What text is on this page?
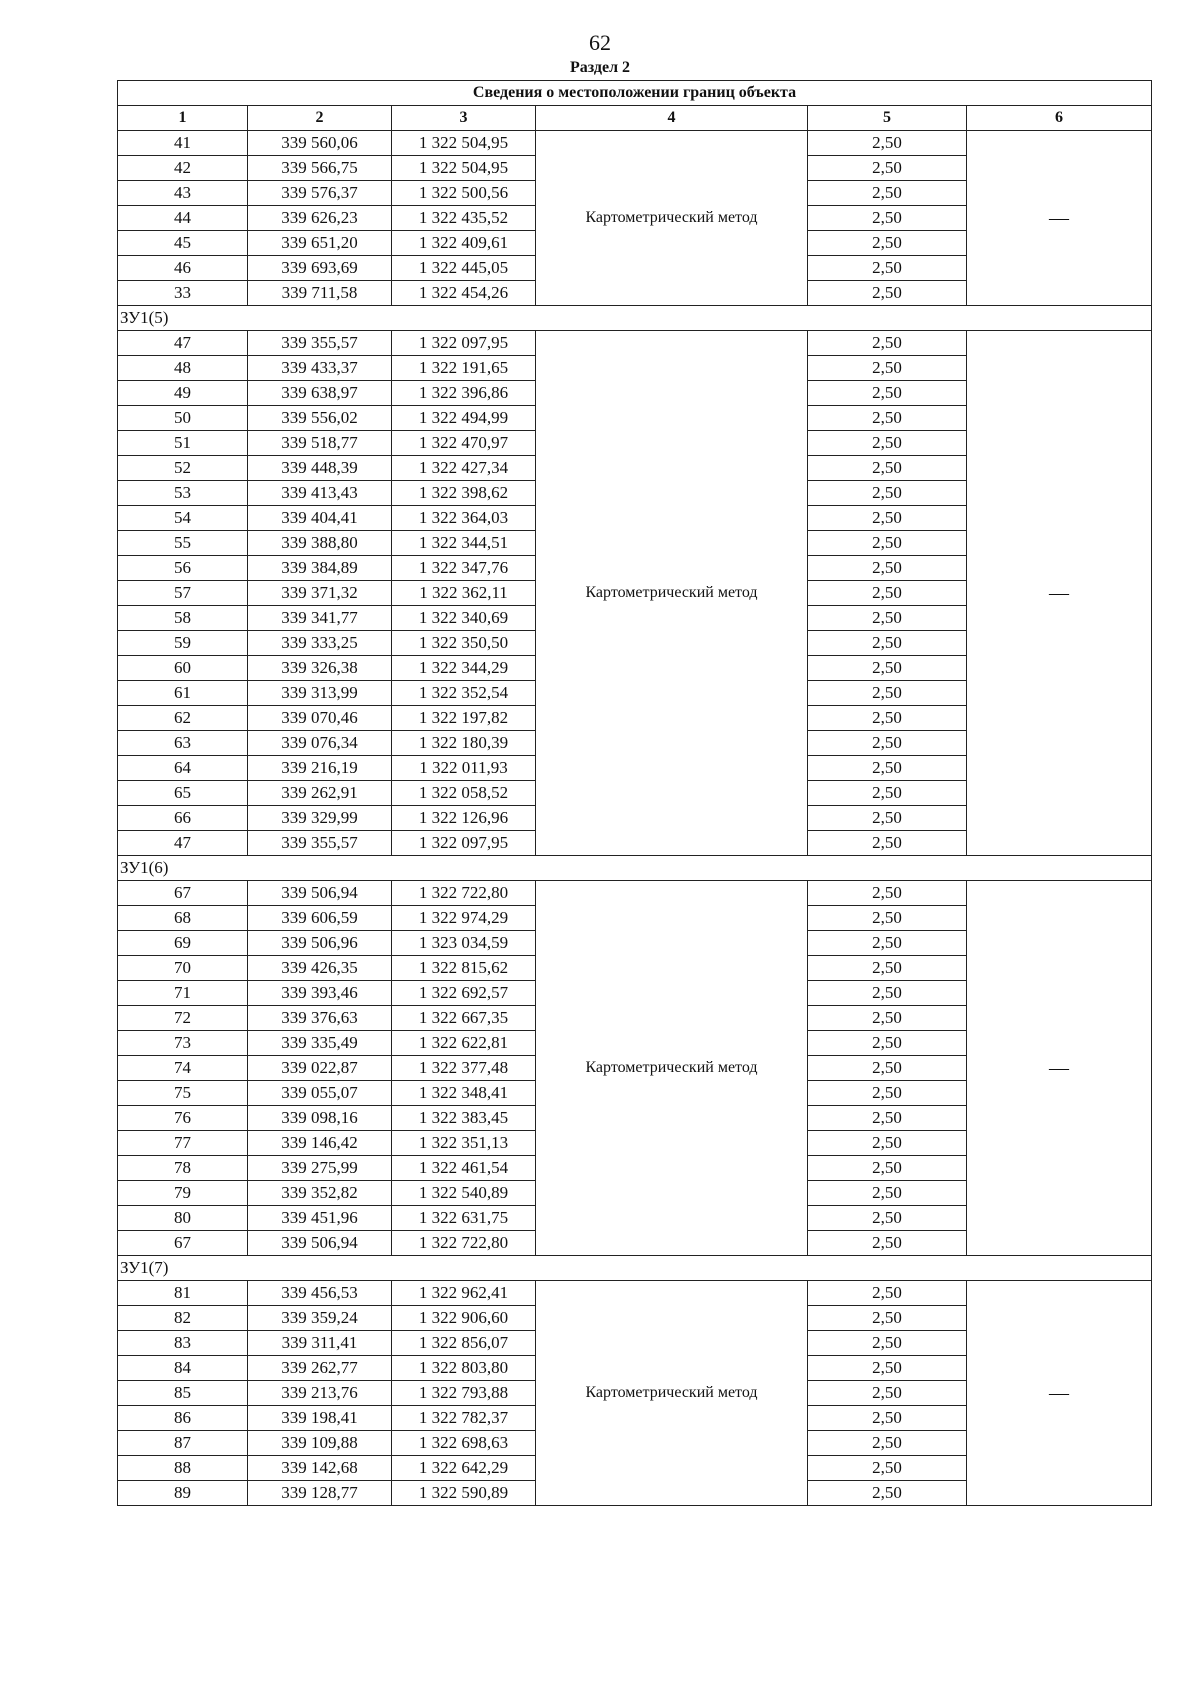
62
Раздел 2
Сведения о местоположении границ объекта					
1	2	3	4	5	6
41	339 560,06	1 322 504,95	Картометрический метод	2,50	—
42	339 566,75	1 322 504,95		2,50	
43	339 576,37	1 322 500,56		2,50	
44	339 626,23	1 322 435,52		2,50	
45	339 651,20	1 322 409,61		2,50	
46	339 693,69	1 322 445,05		2,50	
33	339 711,58	1 322 454,26		2,50	
ЗУ1(5)					
47	339 355,57	1 322 097,95	Картометрический метод	2,50	—
48	339 433,37	1 322 191,65		2,50	
49	339 638,97	1 322 396,86		2,50	
50	339 556,02	1 322 494,99		2,50	
51	339 518,77	1 322 470,97		2,50	
52	339 448,39	1 322 427,34		2,50	
53	339 413,43	1 322 398,62		2,50	
54	339 404,41	1 322 364,03		2,50	
55	339 388,80	1 322 344,51		2,50	
56	339 384,89	1 322 347,76		2,50	
57	339 371,32	1 322 362,11		2,50	
58	339 341,77	1 322 340,69		2,50	
59	339 333,25	1 322 350,50		2,50	
60	339 326,38	1 322 344,29		2,50	
61	339 313,99	1 322 352,54		2,50	
62	339 070,46	1 322 197,82		2,50	
63	339 076,34	1 322 180,39		2,50	
64	339 216,19	1 322 011,93		2,50	
65	339 262,91	1 322 058,52		2,50	
66	339 329,99	1 322 126,96		2,50	
47	339 355,57	1 322 097,95		2,50	
ЗУ1(6)					
67	339 506,94	1 322 722,80	Картометрический метод	2,50	—
68	339 606,59	1 322 974,29		2,50	
69	339 506,96	1 323 034,59		2,50	
70	339 426,35	1 322 815,62		2,50	
71	339 393,46	1 322 692,57		2,50	
72	339 376,63	1 322 667,35		2,50	
73	339 335,49	1 322 622,81		2,50	
74	339 022,87	1 322 377,48		2,50	
75	339 055,07	1 322 348,41		2,50	
76	339 098,16	1 322 383,45		2,50	
77	339 146,42	1 322 351,13		2,50	
78	339 275,99	1 322 461,54		2,50	
79	339 352,82	1 322 540,89		2,50	
80	339 451,96	1 322 631,75		2,50	
67	339 506,94	1 322 722,80		2,50	
ЗУ1(7)					
81	339 456,53	1 322 962,41	Картометрический метод	2,50	—
82	339 359,24	1 322 906,60		2,50	
83	339 311,41	1 322 856,07		2,50	
84	339 262,77	1 322 803,80		2,50	
85	339 213,76	1 322 793,88		2,50	
86	339 198,41	1 322 782,37		2,50	
87	339 109,88	1 322 698,63		2,50	
88	339 142,68	1 322 642,29		2,50	
89	339 128,77	1 322 590,89		2,50	
